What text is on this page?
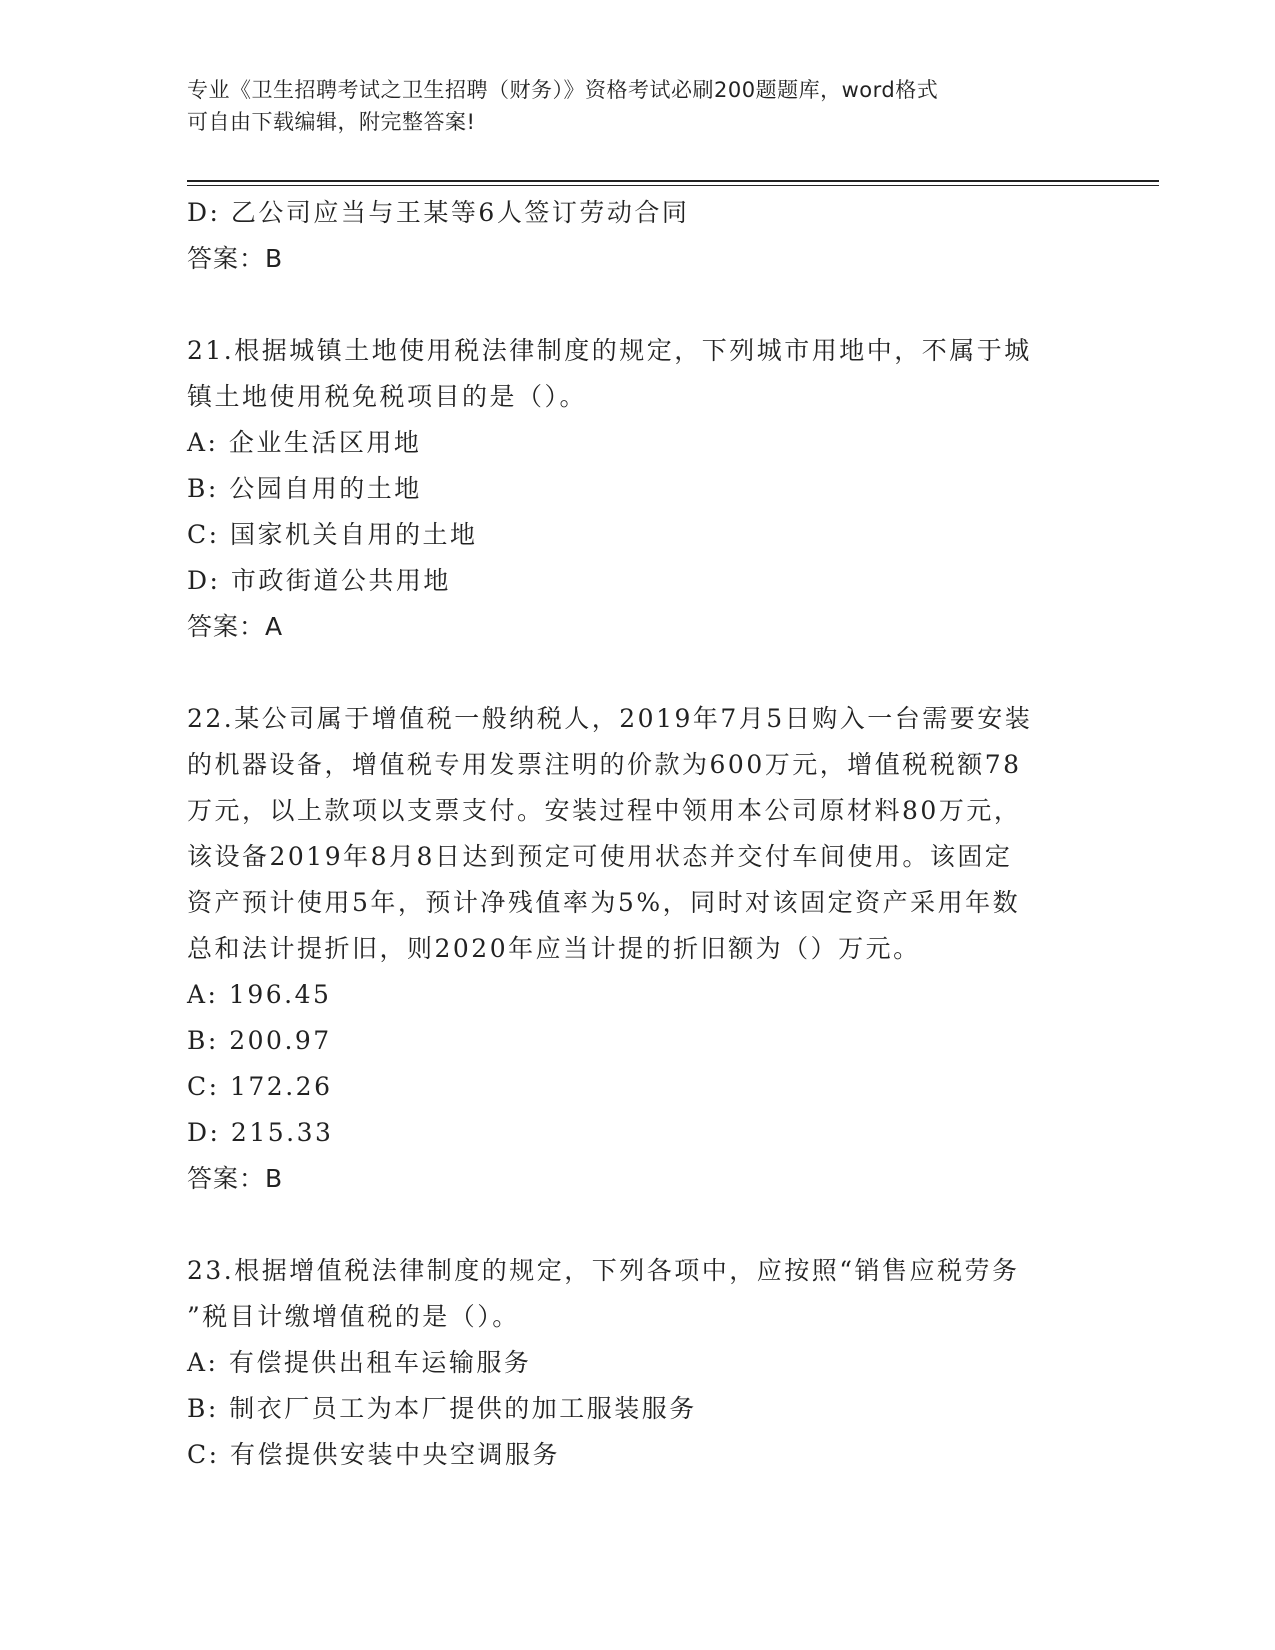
专业《卫生招聘考试之卫生招聘（财务）》资格考试必刷200题题库，word格式
可自由下载编辑，附完整答案!
D: 乙公司应当与王某等6人签订劳动合同
答案：B
21.根据城镇土地使用税法律制度的规定，下列城市用地中，不属于城
镇土地使用税免税项目的是（）。
A: 企业生活区用地
B: 公园自用的土地
C: 国家机关自用的土地
D: 市政街道公共用地
答案：A
22.某公司属于增值税一般纳税人，2019年7月5日购入一台需要安装
的机器设备，增值税专用发票注明的价款为600万元，增值税税额78
万元，以上款项以支票支付。安装过程中领用本公司原材料80万元，
该设备2019年8月8日达到预定可使用状态并交付车间使用。该固定
资产预计使用5年，预计净残值率为5%，同时对该固定资产采用年数
总和法计提折旧，则2020年应当计提的折旧额为（）万元。
A: 196.45
B: 200.97
C: 172.26
D: 215.33
答案：B
23.根据增值税法律制度的规定，下列各项中，应按照“销售应税劳务
”税目计缴增值税的是（）。
A: 有偿提供出租车运输服务
B: 制衣厂员工为本厂提供的加工服装服务
C: 有偿提供安装中央空调服务
